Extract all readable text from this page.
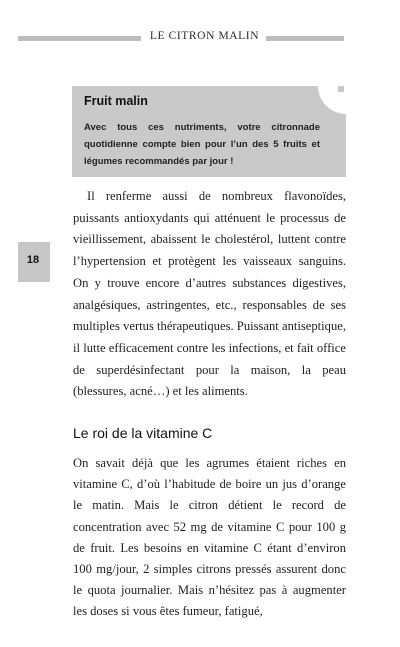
LE CITRON MALIN
Fruit malin
Avec tous ces nutriments, votre citronnade quotidienne compte bien pour l’un des 5 fruits et légumes recommandés par jour !
18

Il renferme aussi de nombreux flavonoïdes, puissants antioxydants qui atténuent le processus de vieillissement, abaissent le cholestérol, luttent contre l’hypertension et protègent les vaisseaux sanguins. On y trouve encore d’autres substances digestives, analgésiques, astringentes, etc., responsables de ses multiples vertus thérapeutiques. Puissant antiseptique, il lutte efficacement contre les infections, et fait office de superdésinfectant pour la maison, la peau (blessures, acné…) et les aliments.

Le roi de la vitamine C

On savait déjà que les agrumes étaient riches en vitamine C, d’où l’habitude de boire un jus d’orange le matin. Mais le citron détient le record de concentration avec 52 mg de vitamine C pour 100 g de fruit. Les besoins en vitamine C étant d’environ 100 mg/jour, 2 simples citrons pressés assurent donc le quota journalier. Mais n’hésitez pas à augmenter les doses si vous êtes fumeur, fatigué,
